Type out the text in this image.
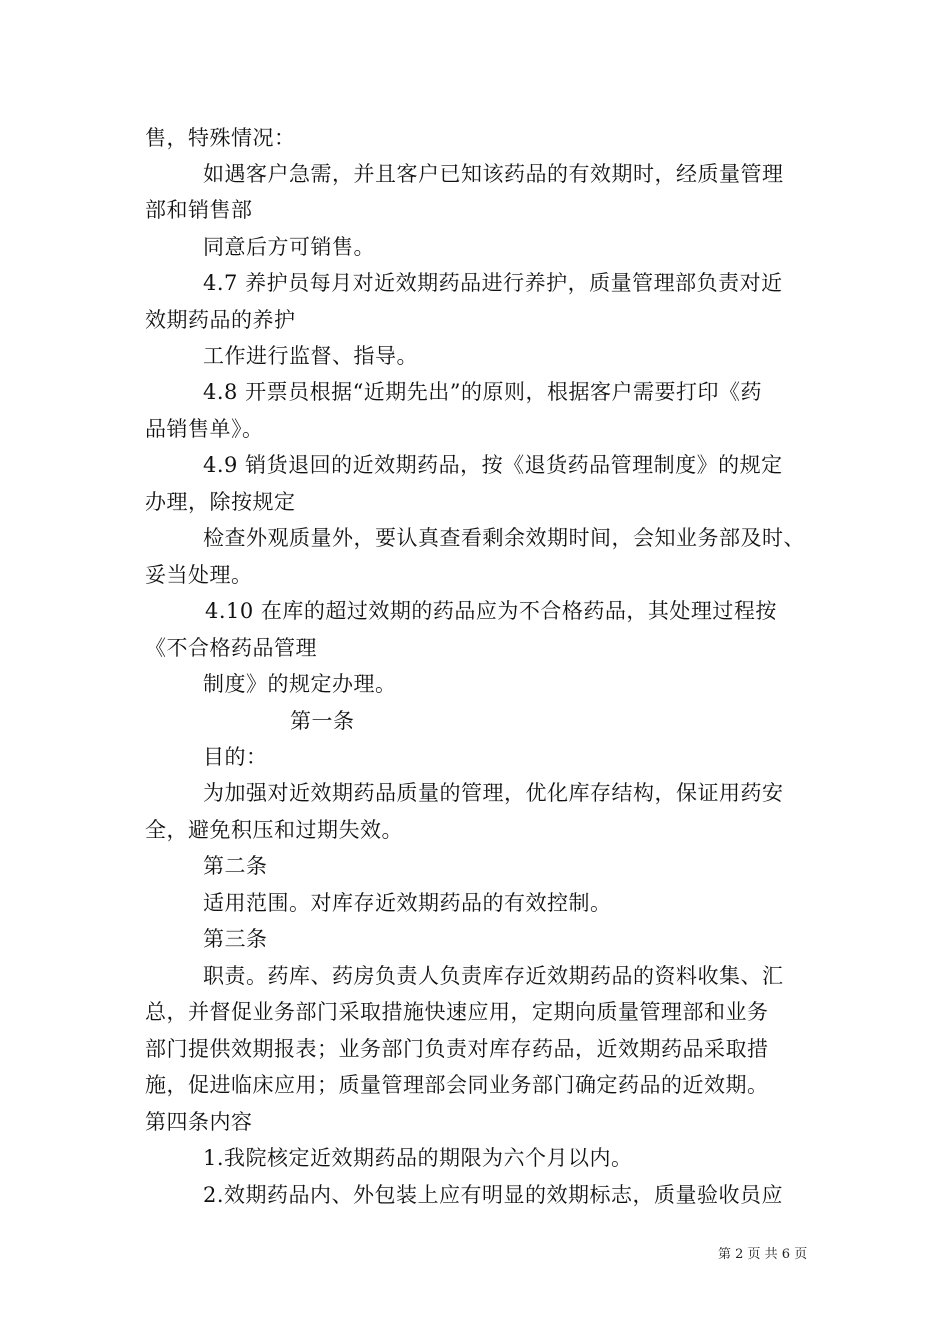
售，特殊情况：
如遇客户急需，并且客户已知该药品的有效期时，经质量管理
部和销售部
同意后方可销售。
4.7 养护员每月对近效期药品进行养护，质量管理部负责对近
效期药品的养护
工作进行监督、指导。
4.8 开票员根据“近期先出”的原则，根据客户需要打印《药
品销售单》。
4.9 销货退回的近效期药品，按《退货药品管理制度》的规定
办理，除按规定
检查外观质量外，要认真查看剩余效期时间，会知业务部及时、
妥当处理。
4.10 在库的超过效期的药品应为不合格药品，其处理过程按
《不合格药品管理
制度》的规定办理。
第一条
目的：
为加强对近效期药品质量的管理，优化库存结构，保证用药安
全，避免积压和过期失效。
第二条
适用范围。对库存近效期药品的有效控制。
第三条
职责。药库、药房负责人负责库存近效期药品的资料收集、汇
总，并督促业务部门采取措施快速应用，定期向质量管理部和业务
部门提供效期报表；业务部门负责对库存药品，近效期药品采取措
施，促进临床应用；质量管理部会同业务部门确定药品的近效期。
第四条内容
1.我院核定近效期药品的期限为六个月以内。
2.效期药品内、外包装上应有明显的效期标志，质量验收员应
第 2 页 共 6 页
